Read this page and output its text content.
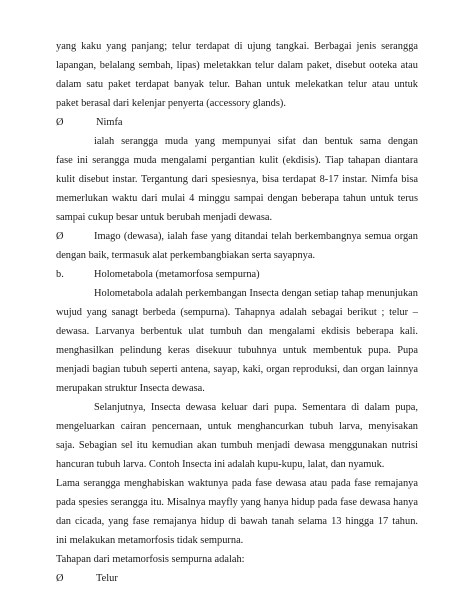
yang kaku yang panjang; telur terdapat di ujung tangkai. Berbagai jenis serangga
lapangan, belalang sembah, lipas) meletakkan telur dalam paket, disebut ooteka atau
dalam satu paket terdapat banyak telur. Bahan untuk melekatkan telur atau untuk
paket berasal dari kelenjar penyerta (accessory glands).
Ø	Nimfa
ialah serangga muda yang mempunyai sifat dan bentuk sama dengan
fase ini serangga muda mengalami pergantian kulit (ekdisis). Tiap tahapan diantara
kulit disebut instar. Tergantung dari spesiesnya, bisa terdapat 8-17 instar. Nimfa bisa
memerlukan waktu dari mulai 4 minggu sampai dengan beberapa tahun untuk terus
sampai cukup besar untuk berubah menjadi dewasa.
Ø	Imago (dewasa), ialah fase yang ditandai telah berkembangnya semua organ
dengan baik, termasuk alat perkembangbiakan serta sayapnya.
b.	Holometabola (metamorfosa sempurna)
Holometabola adalah perkembangan Insecta dengan setiap tahap menunjukan
wujud yang sanagt berbeda (sempurna). Tahapnya adalah sebagai berikut ; telur –
dewasa. Larvanya berbentuk ulat tumbuh dan mengalami ekdisis beberapa kali.
menghasilkan pelindung keras disekuur tubuhnya untuk membentuk pupa. Pupa
menjadi bagian tubuh seperti antena, sayap, kaki, organ reproduksi, dan organ lainnya
merupakan struktur Insecta dewasa.
Selanjutnya, Insecta dewasa keluar dari pupa. Sementara di dalam pupa,
mengeluarkan cairan pencernaan, untuk menghancurkan tubuh larva, menyisakan
saja. Sebagian sel itu kemudian akan tumbuh menjadi dewasa menggunakan nutrisi
hancuran tubuh larva. Contoh Insecta ini adalah kupu-kupu, lalat, dan nyamuk.
Lama serangga menghabiskan waktunya pada fase dewasa atau pada fase remajanya
pada spesies serangga itu. Misalnya mayfly yang hanya hidup pada fase dewasa hanya
dan cicada, yang fase remajanya hidup di bawah tanah selama 13 hingga 17 tahun.
ini melakukan metamorfosis tidak sempurna.
Tahapan dari metamorfosis sempurna adalah:
Ø	Telur
